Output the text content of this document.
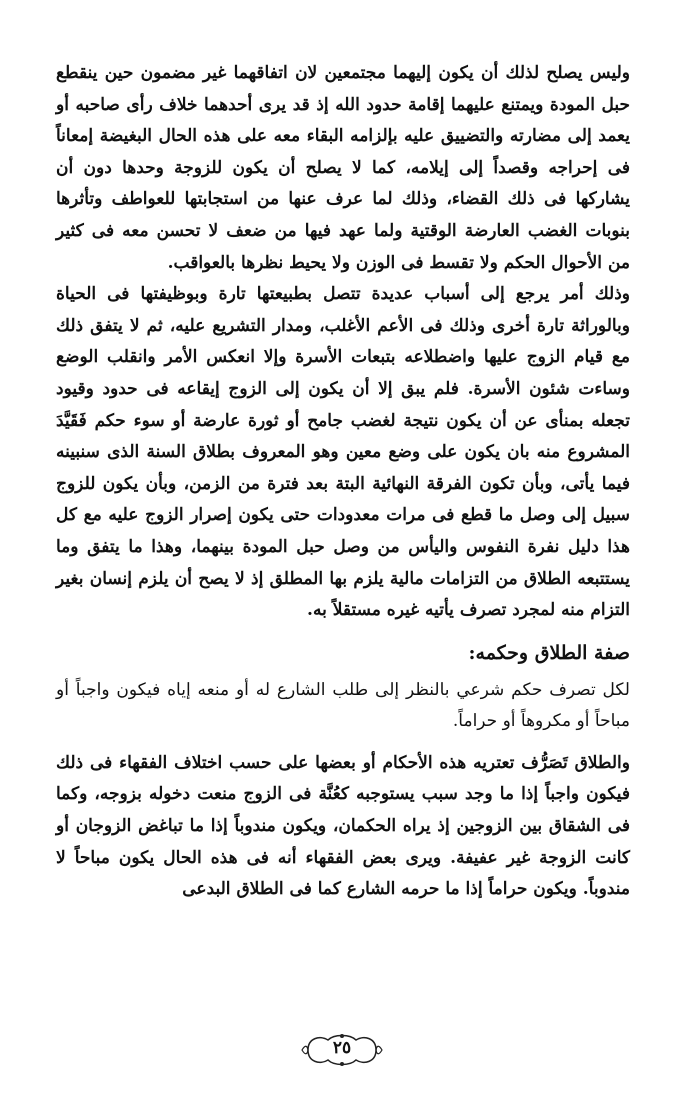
وليس يصلح لذلك أن يكون إليهما مجتمعين لان اتفاقهما غير مضمون حين ينقطع حبل المودة ويمتنع عليهما إقامة حدود الله إذ قد يرى أحدهما خلاف رأى صاحبه أو يعمد إلى مضارته والتضييق عليه بإلزامه البقاء معه على هذه الحال البغيضة إمعاناً فى إحراجه وقصداً إلى إيلامه، كما لا يصلح أن يكون للزوجة وحدها دون أن يشاركها فى ذلك القضاء، وذلك لما عرف عنها من استجابتها للعواطف وتأثرها بنوبات الغضب العارضة الوقتية ولما عهد فيها من ضعف لا تحسن معه فى كثير من الأحوال الحكم ولا تقسط فى الوزن ولا يحيط نظرها بالعواقب.

وذلك أمر يرجع إلى أسباب عديدة تتصل بطبيعتها تارة وبوظيفتها فى الحياة وبالوراثة تارة أخرى وذلك فى الأعم الأغلب، ومدار التشريع عليه، ثم لا يتفق ذلك مع قيام الزوج عليها واضطلاعه بتبعات الأسرة وإلا انعكس الأمر وانقلب الوضع وساءت شئون الأسرة. فلم يبق إلا أن يكون إلى الزوج إيقاعه فى حدود وقيود تجعله بمنأى عن أن يكون نتيجة لغضب جامح أو ثورة عارضة أو سوء حكم فَقَيَّدَ المشروع منه بان يكون على وضع معين وهو المعروف بطلاق السنة الذى سنبينه فيما يأتى، وبأن تكون الفرقة النهائية البتة بعد فترة من الزمن، وبأن يكون للزوج سبيل إلى وصل ما قطع فى مرات معدودات حتى يكون إصرار الزوج عليه مع كل هذا دليل نفرة النفوس واليأس من وصل حبل المودة بينهما، وهذا ما يتفق وما يستتبعه الطلاق من التزامات مالية يلزم بها المطلق إذ لا يصح أن يلزم إنسان بغير التزام منه لمجرد تصرف يأتيه غيره مستقلاً به.

صفة الطلاق وحكمه:

لكل تصرف حكم شرعي بالنظر إلى طلب الشارع له أو منعه إياه فيكون واجباً أو مباحاً أو مكروهاً أو حراماً.

والطلاق تَصَرُّف تعتريه هذه الأحكام أو بعضها على حسب اختلاف الفقهاء فى ذلك فيكون واجباً إذا ما وجد سبب يستوجبه كعُنَّة فى الزوج منعت دخوله بزوجه، وكما فى الشقاق بين الزوجين إذ يراه الحكمان، ويكون مندوباً إذا ما تباغض الزوجان أو كانت الزوجة غير عفيفة. ويرى بعض الفقهاء أنه فى هذه الحال يكون مباحاً لا مندوباً. ويكون حراماً إذا ما حرمه الشارع كما فى الطلاق البدعى

٢٥
